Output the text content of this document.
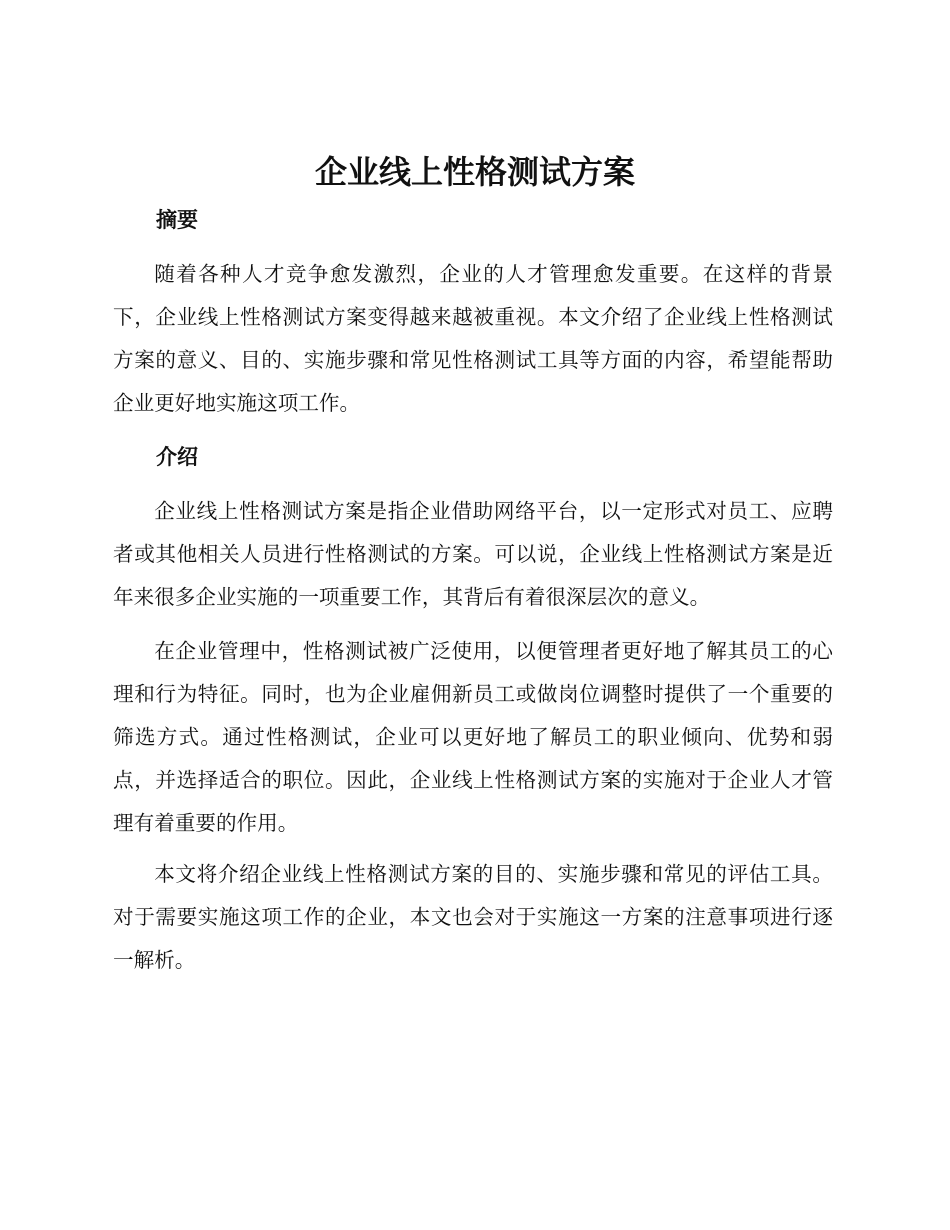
企业线上性格测试方案
摘要

随着各种人才竞争愈发激烈，企业的人才管理愈发重要。在这样的背景下，企业线上性格测试方案变得越来越被重视。本文介绍了企业线上性格测试方案的意义、目的、实施步骤和常见性格测试工具等方面的内容，希望能帮助企业更好地实施这项工作。

介绍

企业线上性格测试方案是指企业借助网络平台，以一定形式对员工、应聘者或其他相关人员进行性格测试的方案。可以说，企业线上性格测试方案是近年来很多企业实施的一项重要工作，其背后有着很深层次的意义。

在企业管理中，性格测试被广泛使用，以便管理者更好地了解其员工的心理和行为特征。同时，也为企业雇佣新员工或做岗位调整时提供了一个重要的筛选方式。通过性格测试，企业可以更好地了解员工的职业倾向、优势和弱点，并选择适合的职位。因此，企业线上性格测试方案的实施对于企业人才管理有着重要的作用。

本文将介绍企业线上性格测试方案的目的、实施步骤和常见的评估工具。对于需要实施这项工作的企业，本文也会对于实施这一方案的注意事项进行逐一解析。
